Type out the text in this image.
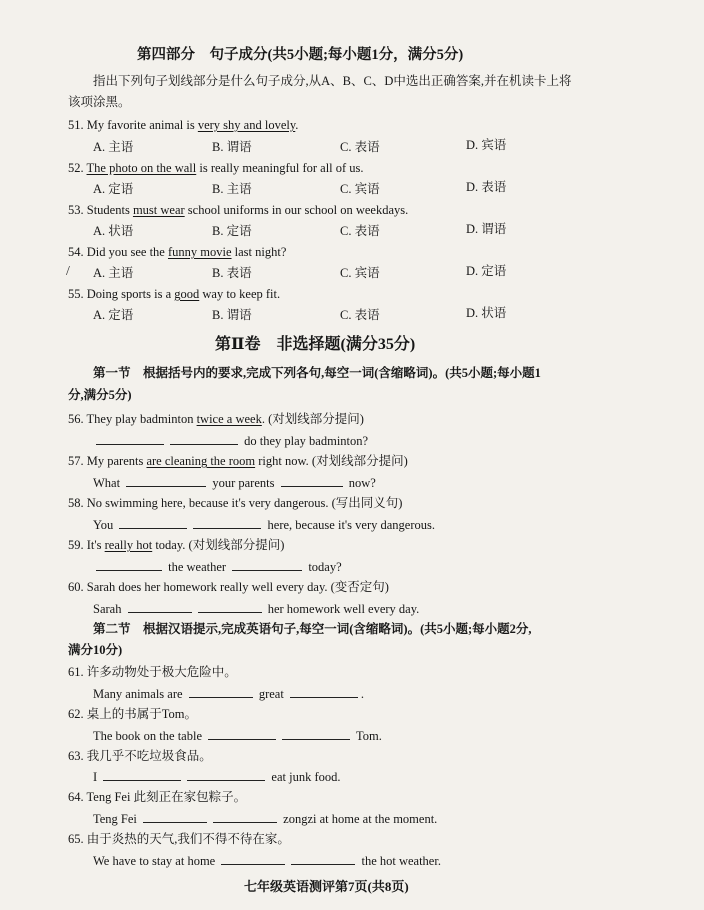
第四部分　句子成分(共5小题;每小题1分，满分5分)
指出下列句子划线部分是什么句子成分,从A、B、C、D中选出正确答案,并在机读卡上将
该项涂黑。
51. My favorite animal is very shy and lovely.
A. 主语	B. 谓语	C. 表语	D. 宾语
52. The photo on the wall is really meaningful for all of us.
A. 定语	B. 主语	C. 宾语	D. 表语
53. Students must wear school uniforms in our school on weekdays.
A. 状语	B. 定语	C. 表语	D. 谓语
54. Did you see the funny movie last night?
/ A. 主语	B. 表语	C. 宾语	D. 定语
55. Doing sports is a good way to keep fit.
A. 定语	B. 谓语	C. 表语	D. 状语
第Ⅱ卷　非选择题(满分35分)
第一节　根据括号内的要求,完成下列各句,每空一词(含缩略词)。(共5小题;每小题1
分,满分5分)
56. They play badminton twice a week. (对划线部分提问)
do they play badminton?
57. My parents are cleaning the room right now. (对划线部分提问)
What	your parents	now?
58. No swimming here, because it's very dangerous. (写出同义句)
You	here, because it's very dangerous.
59. It's really hot today. (对划线部分提问)
the weather	today?
60. Sarah does her homework really well every day. (变否定句)
Sarah	her homework well every day.
第二节　根据汉语提示,完成英语句子,每空一词(含缩略词)。(共5小题;每小题2分,
满分10分)
61. 许多动物处于极大危险中。
Many animals are	great	.
62. 桌上的书属于Tom。
The book on the table	Tom.
63. 我几乎不吃垃圾食品。
I	eat junk food.
64. Teng Fei 此刻正在家包粽子。
Teng Fei	zongzi at home at the moment.
65. 由于炎热的天气,我们不得不待在家。
We have to stay at home	the hot weather.
七年级英语测评第7页(共8页)
